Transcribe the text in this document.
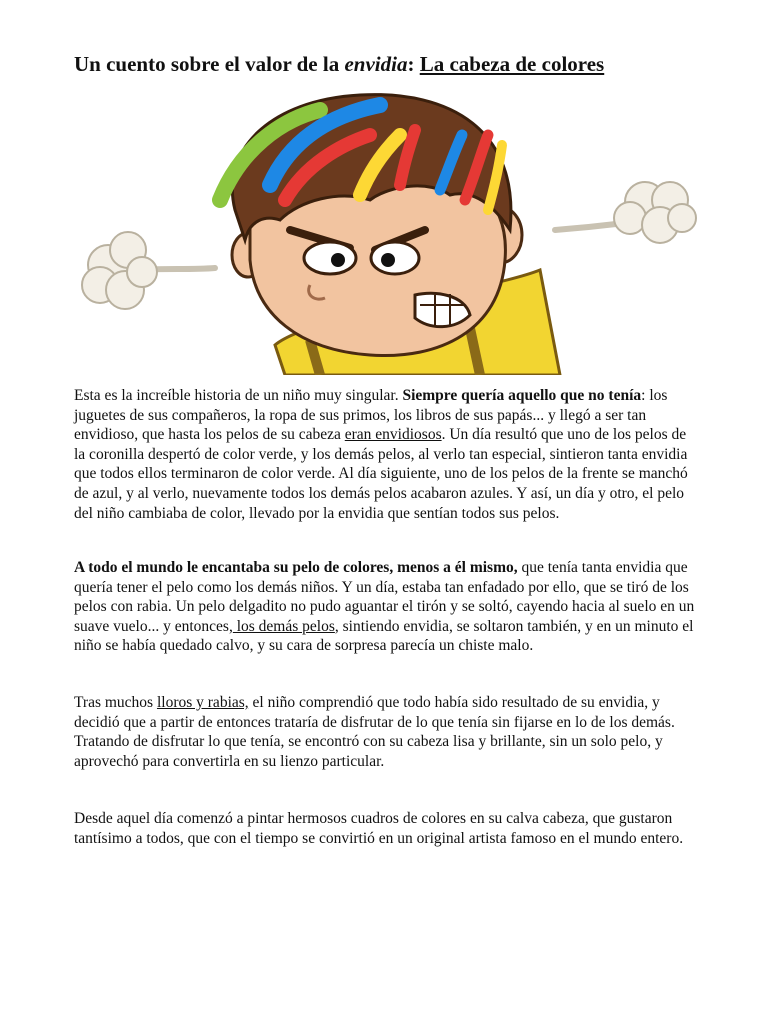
Un cuento sobre el valor de la envidia: La cabeza de colores

Esta es la increíble historia de un niño muy singular. Siempre quería aquello que no tenía: los juguetes de sus compañeros, la ropa de sus primos, los libros de sus papás... y llegó a ser tan envidioso, que hasta los pelos de su cabeza eran envidiosos. Un día resultó que uno de los pelos de la coronilla despertó de color verde, y los demás pelos, al verlo tan especial, sintieron tanta envidia que todos ellos terminaron de color verde. Al día siguiente, uno de los pelos de la frente se manchó de azul, y al verlo, nuevamente todos los demás pelos acabaron azules. Y así, un día y otro, el pelo del niño cambiaba de color, llevado por la envidia que sentían todos sus pelos.

A todo el mundo le encantaba su pelo de colores, menos a él mismo, que tenía tanta envidia que quería tener el pelo como los demás niños. Y un día, estaba tan enfadado por ello, que se tiró de los pelos con rabia. Un pelo delgadito no pudo aguantar el tirón y se soltó, cayendo hacia al suelo en un suave vuelo... y entonces, los demás pelos, sintiendo envidia, se soltaron también, y en un minuto el niño se había quedado calvo, y su cara de sorpresa parecía un chiste malo.

Tras muchos lloros y rabias, el niño comprendió que todo había sido resultado de su envidia, y decidió que a partir de entonces trataría de disfrutar de lo que tenía sin fijarse en lo de los demás. Tratando de disfrutar lo que tenía, se encontró con su cabeza lisa y brillante, sin un solo pelo, y aprovechó para convertirla en su lienzo particular.

Desde aquel día comenzó a pintar hermosos cuadros de colores en su calva cabeza, que gustaron tantísimo a todos, que con el tiempo se convirtió en un original artista famoso en el mundo entero.
